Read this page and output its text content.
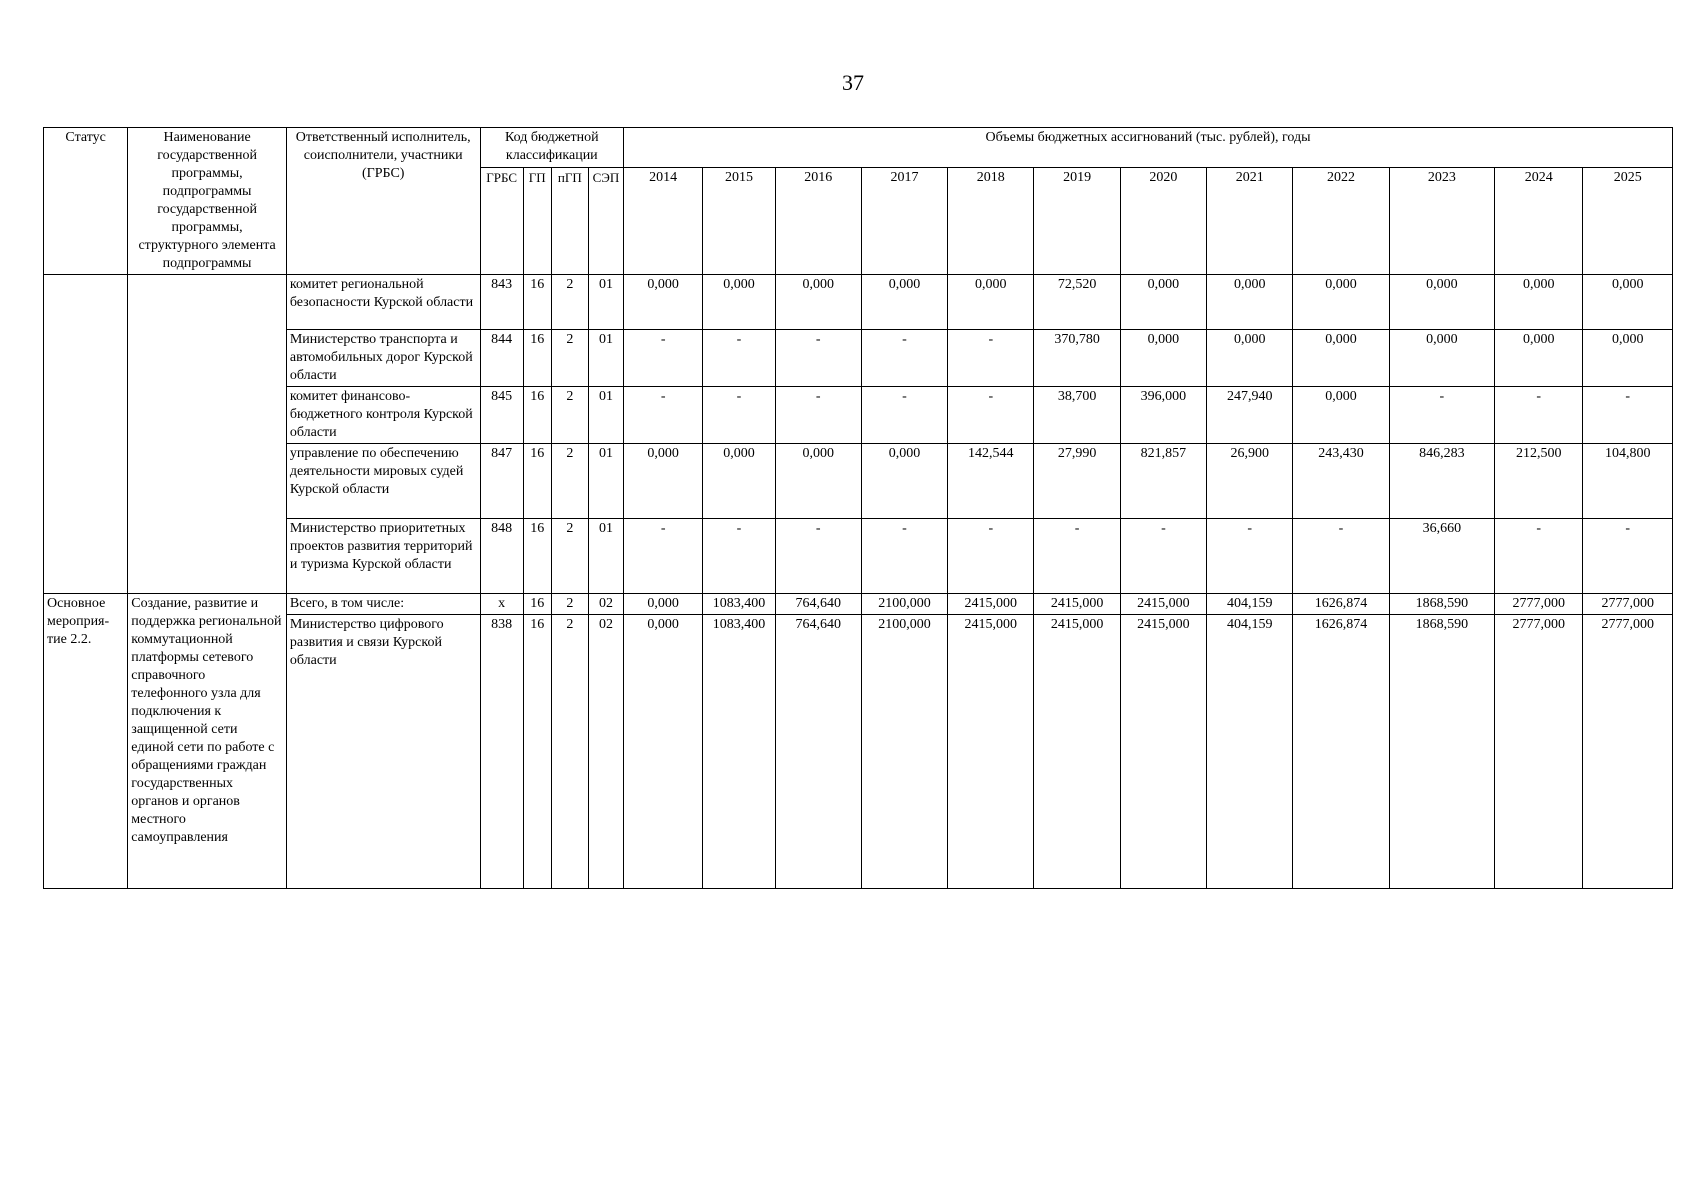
37
Статус	Наименование государственной программы, подпрограммы государственной программы, структурного элемента подпрограммы	Ответственный исполнитель, соисполнители, участники (ГРБС)	Код бюджетной классификации				Объемы бюджетных ассигнований (тыс. рублей), годы											
			ГРБС	ГП	пГП	СЭП	2014	2015	2016	2017	2018	2019	2020	2021	2022	2023	2024	2025
		комитет региональной безопасности Курской области	843	16	2	01	0,000	0,000	0,000	0,000	0,000	72,520	0,000	0,000	0,000	0,000	0,000	0,000
		Министерство транспорта и автомобильных дорог Курской области	844	16	2	01	-	-	-	-	-	370,780	0,000	0,000	0,000	0,000	0,000	0,000
		комитет финансово-бюджетного контроля Курской области	845	16	2	01	-	-	-	-	-	38,700	396,000	247,940	0,000	-	-	-
		управление по обеспечению деятельности мировых судей Курской области	847	16	2	01	0,000	0,000	0,000	0,000	142,544	27,990	821,857	26,900	243,430	846,283	212,500	104,800
		Министерство приоритетных проектов развития территорий и туризма Курской области	848	16	2	01	-	-	-	-	-	-	-	-	-	36,660	-	-
Основное мероприя-тие 2.2.	Создание, развитие и поддержка региональной коммутационной платформы сетевого справочного телефонного узла для подключения к защищенной сети единой сети по работе с обращениями граждан государственных органов и органов местного самоуправления	Всего, в том числе:	х	16	2	02	0,000	1083,400	764,640	2100,000	2415,000	2415,000	2415,000	404,159	1626,874	1868,590	2777,000	2777,000
		Министерство цифрового развития и связи Курской области	838	16	2	02	0,000	1083,400	764,640	2100,000	2415,000	2415,000	2415,000	404,159	1626,874	1868,590	2777,000	2777,000
